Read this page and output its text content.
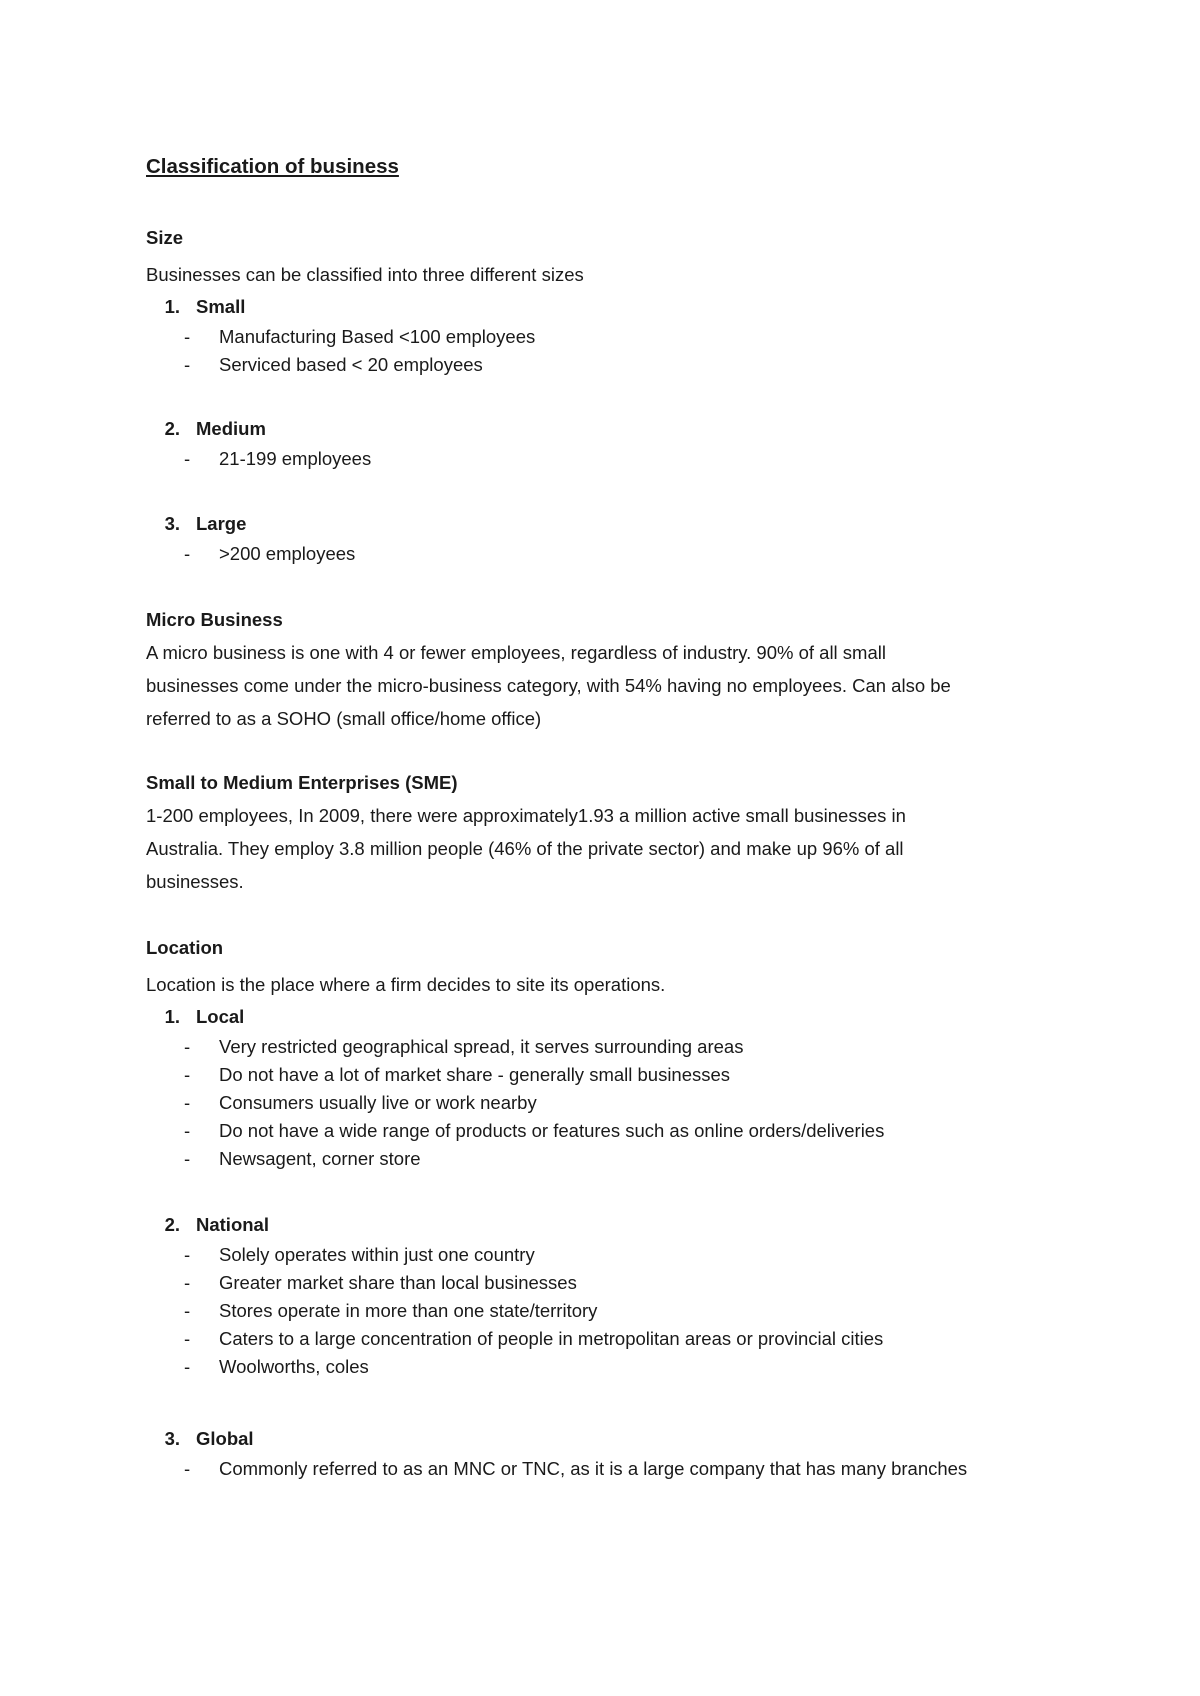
Classification of business
Size

Businesses can be classified into three different sizes

1. Small
-	Manufacturing Based <100 employees
-	Serviced based < 20 employees
2. Medium
-	21-199 employees
3. Large
-	>200 employees
Micro Business

A micro business is one with 4 or fewer employees, regardless of industry. 90% of all small

businesses come under the micro-business category, with 54% having no employees. Can also be

referred to as a SOHO (small office/home office)

Small to Medium Enterprises (SME)

1-200 employees, In 2009, there were approximately1.93 a million active small businesses in

Australia. They employ 3.8 million people (46% of the private sector) and make up 96% of all

businesses.

Location

Location is the place where a firm decides to site its operations.

1. Local
-	Very restricted geographical spread, it serves surrounding areas
-	Do not have a lot of market share - generally small businesses
-	Consumers usually live or work nearby
-	Do not have a wide range of products or features such as online orders/deliveries
-	Newsagent, corner store
2. National
-	Solely operates within just one country
-	Greater market share than local businesses
-	Stores operate in more than one state/territory
-	Caters to a large concentration of people in metropolitan areas or provincial cities
-	Woolworths, coles
3. Global
-	Commonly referred to as an MNC or TNC, as it is a large company that has many branches
